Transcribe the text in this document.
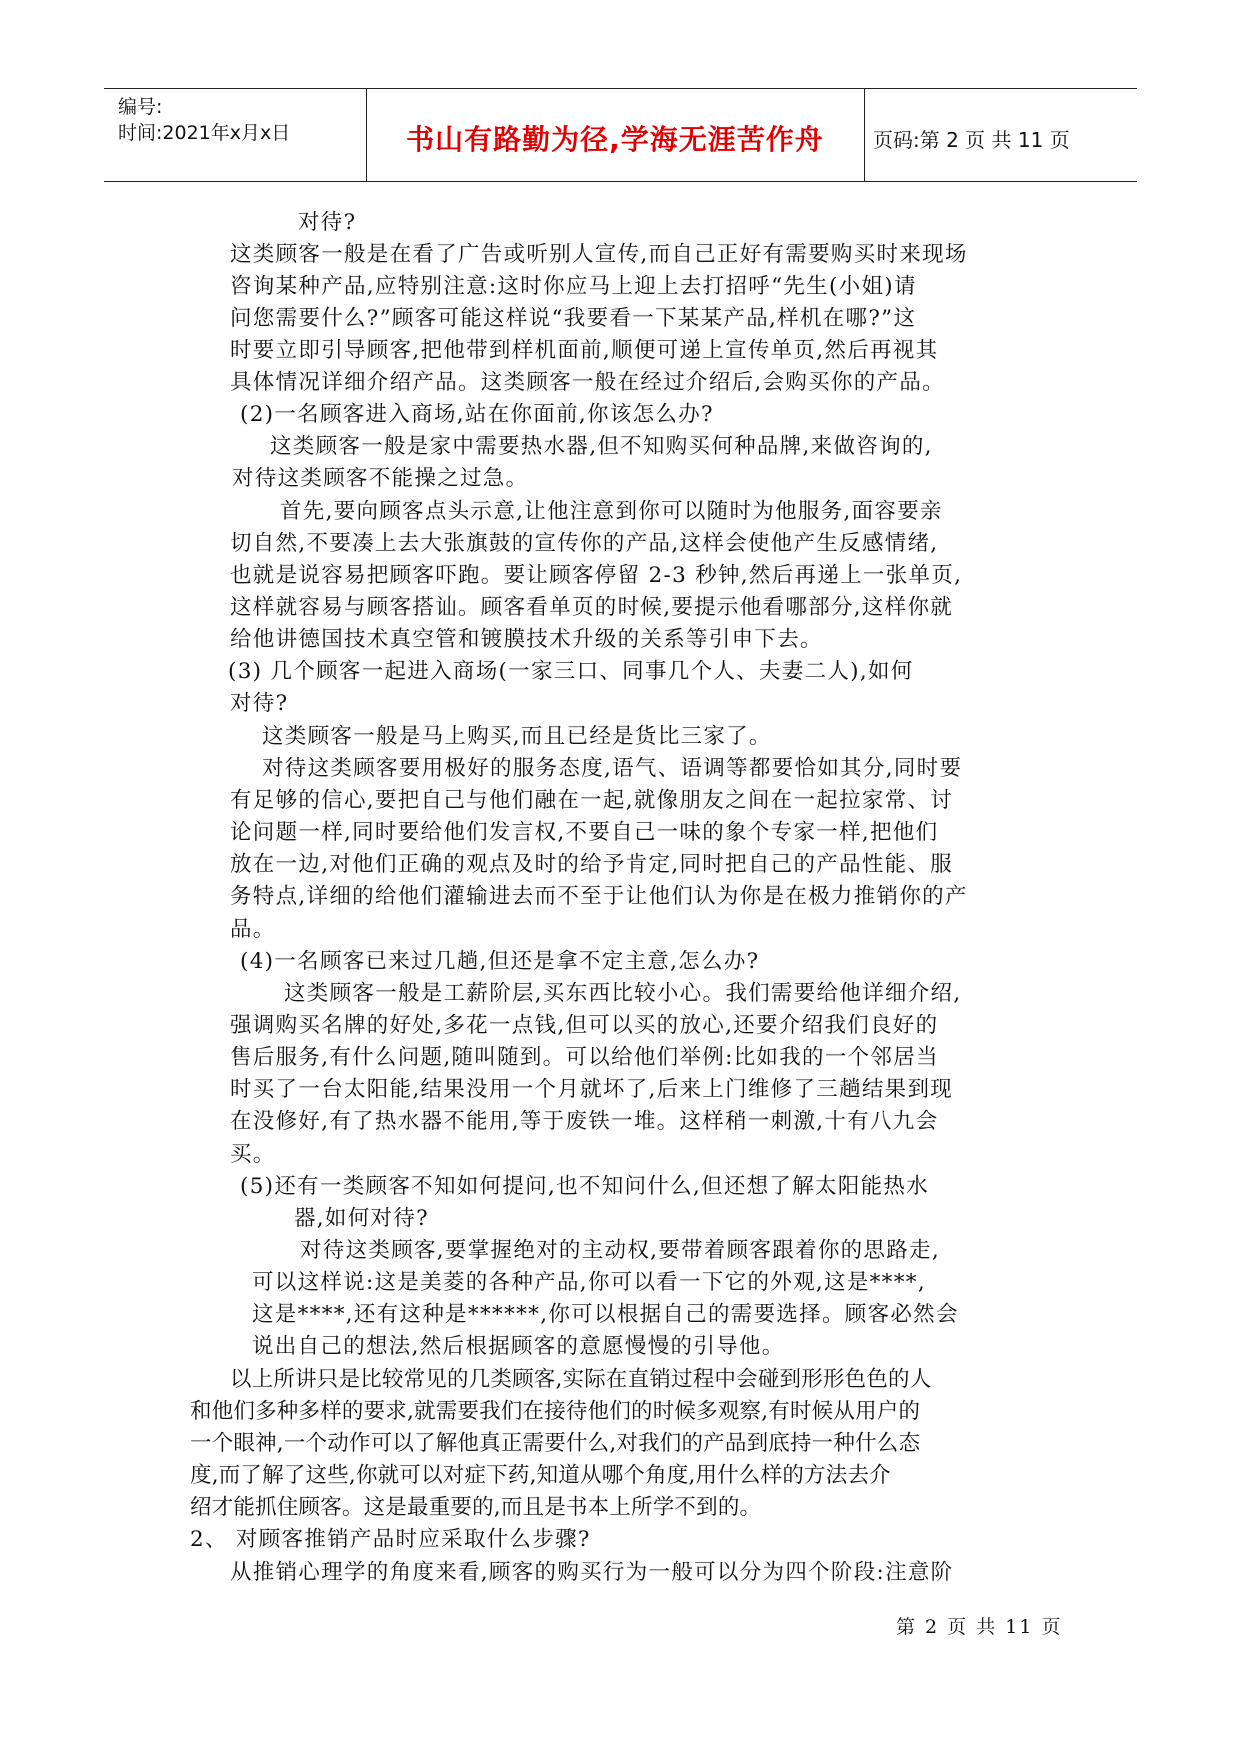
编号:
时间:2021年x月x日	书山有路勤为径,学海无涯苦作舟	页码:第 2 页 共 11 页
对待?
这类顾客一般是在看了广告或听别人宣传,而自己正好有需要购买时来现场
咨询某种产品,应特别注意:这时你应马上迎上去打招呼“先生(小姐)请
问您需要什么?”顾客可能这样说“我要看一下某某产品,样机在哪?”这
时要立即引导顾客,把他带到样机面前,顺便可递上宣传单页,然后再视其
具体情况详细介绍产品。这类顾客一般在经过介绍后,会购买你的产品。
(2)一名顾客进入商场,站在你面前,你该怎么办?
这类顾客一般是家中需要热水器,但不知购买何种品牌,来做咨询的,
对待这类顾客不能操之过急。
首先,要向顾客点头示意,让他注意到你可以随时为他服务,面容要亲
切自然,不要凑上去大张旗鼓的宣传你的产品,这样会使他产生反感情绪,
也就是说容易把顾客吓跑。要让顾客停留 2-3 秒钟,然后再递上一张单页,
这样就容易与顾客搭讪。顾客看单页的时候,要提示他看哪部分,这样你就
给他讲德国技术真空管和镀膜技术升级的关系等引申下去。
(3) 几个顾客一起进入商场(一家三口、同事几个人、夫妻二人),如何
对待?
这类顾客一般是马上购买,而且已经是货比三家了。
对待这类顾客要用极好的服务态度,语气、语调等都要恰如其分,同时要
有足够的信心,要把自己与他们融在一起,就像朋友之间在一起拉家常、讨
论问题一样,同时要给他们发言权,不要自己一味的象个专家一样,把他们
放在一边,对他们正确的观点及时的给予肯定,同时把自己的产品性能、服
务特点,详细的给他们灌输进去而不至于让他们认为你是在极力推销你的产
品。
(4)一名顾客已来过几趟,但还是拿不定主意,怎么办?
这类顾客一般是工薪阶层,买东西比较小心。我们需要给他详细介绍,
强调购买名牌的好处,多花一点钱,但可以买的放心,还要介绍我们良好的
售后服务,有什么问题,随叫随到。可以给他们举例:比如我的一个邻居当
时买了一台太阳能,结果没用一个月就坏了,后来上门维修了三趟结果到现
在没修好,有了热水器不能用,等于废铁一堆。这样稍一刺激,十有八九会
买。
(5)还有一类顾客不知如何提问,也不知问什么,但还想了解太阳能热水
器,如何对待?
对待这类顾客,要掌握绝对的主动权,要带着顾客跟着你的思路走,
可以这样说:这是美菱的各种产品,你可以看一下它的外观,这是****,
这是****,还有这种是******,你可以根据自己的需要选择。顾客必然会
说出自己的想法,然后根据顾客的意愿慢慢的引导他。
以上所讲只是比较常见的几类顾客,实际在直销过程中会碰到形形色色的人
和他们多种多样的要求,就需要我们在接待他们的时候多观察,有时候从用户的
一个眼神,一个动作可以了解他真正需要什么,对我们的产品到底持一种什么态
度,而了解了这些,你就可以对症下药,知道从哪个角度,用什么样的方法去介
绍才能抓住顾客。这是最重要的,而且是书本上所学不到的。
2、 对顾客推销产品时应采取什么步骤?
从推销心理学的角度来看,顾客的购买行为一般可以分为四个阶段:注意阶
第 2 页 共 11 页
